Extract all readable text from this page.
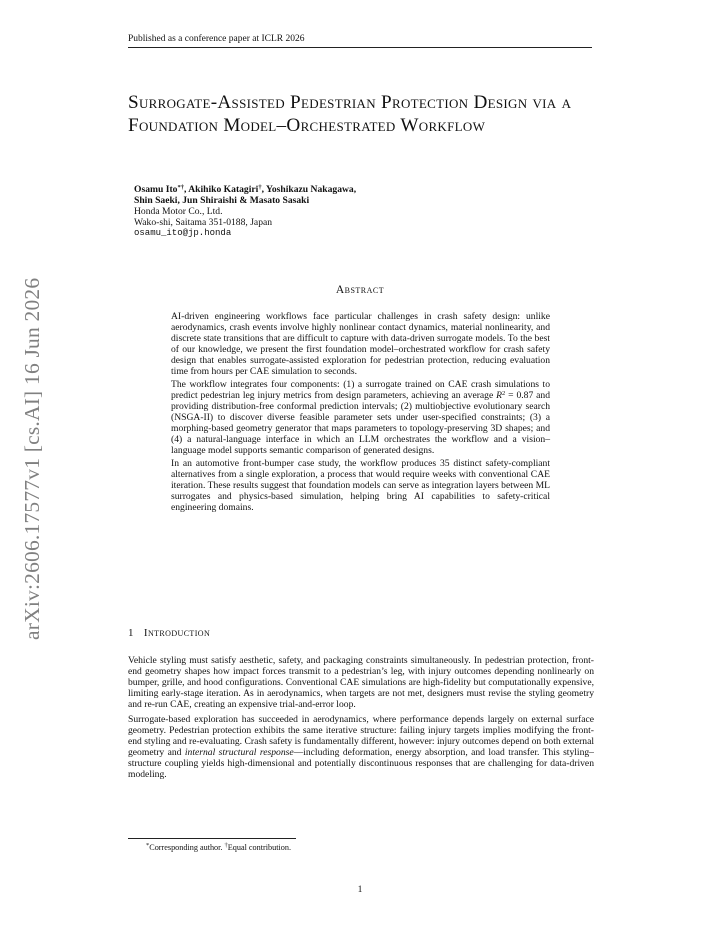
Published as a conference paper at ICLR 2026
Surrogate-Assisted Pedestrian Protection Design via a Foundation Model–Orchestrated Workflow
Osamu Ito*†, Akihiko Katagiri†, Yoshikazu Nakagawa,
Shin Saeki, Jun Shiraishi & Masato Sasaki
Honda Motor Co., Ltd.
Wako-shi, Saitama 351-0188, Japan
osamu_ito@jp.honda
arXiv:2606.17577v1 [cs.AI] 16 Jun 2026	Abstract

AI-driven engineering workflows face particular challenges in crash safety design: unlike aerodynamics, crash events involve highly nonlinear contact dynamics, material nonlinearity, and discrete state transitions that are difficult to capture with data-driven surrogate models. To the best of our knowledge, we present the first foundation model–orchestrated workflow for crash safety design that enables surrogate-assisted exploration for pedestrian protection, reducing evaluation time from hours per CAE simulation to seconds.

The workflow integrates four components: (1) a surrogate trained on CAE crash simulations to predict pedestrian leg injury metrics from design parameters, achieving an average $R^2 = 0.87$ and providing distribution-free conformal prediction intervals; (2) multiobjective evolutionary search (NSGA-II) to discover diverse feasible parameter sets under user-specified constraints; (3) a morphing-based geometry generator that maps parameters to topology-preserving 3D shapes; and (4) a natural-language interface in which an LLM orchestrates the workflow and a vision–language model supports semantic comparison of generated designs.

In an automotive front-bumper case study, the workflow produces 35 distinct safety-compliant alternatives from a single exploration, a process that would require weeks with conventional CAE iteration. These results suggest that foundation models can serve as integration layers between ML surrogates and physics-based simulation, helping bring AI capabilities to safety-critical engineering domains.

1 Introduction

Vehicle styling must satisfy aesthetic, safety, and packaging constraints simultaneously. In pedestrian protection, front-end geometry shapes how impact forces transmit to a pedestrian’s leg, with injury outcomes depending nonlinearly on bumper, grille, and hood configurations. Conventional CAE simulations are high-fidelity but computationally expensive, limiting early-stage iteration. As in aerodynamics, when targets are not met, designers must revise the styling geometry and re-run CAE, creating an expensive trial-and-error loop.

Surrogate-based exploration has succeeded in aerodynamics, where performance depends largely on external surface geometry. Pedestrian protection exhibits the same iterative structure: failing injury targets implies modifying the front-end styling and re-evaluating. Crash safety is fundamentally different, however: injury outcomes depend on both external geometry and internal structural response—including deformation, energy absorption, and load transfer. This styling–structure coupling yields high-dimensional and potentially discontinuous responses that are challenging for data-driven modeling.

*Corresponding author. †Equal contribution.
1
